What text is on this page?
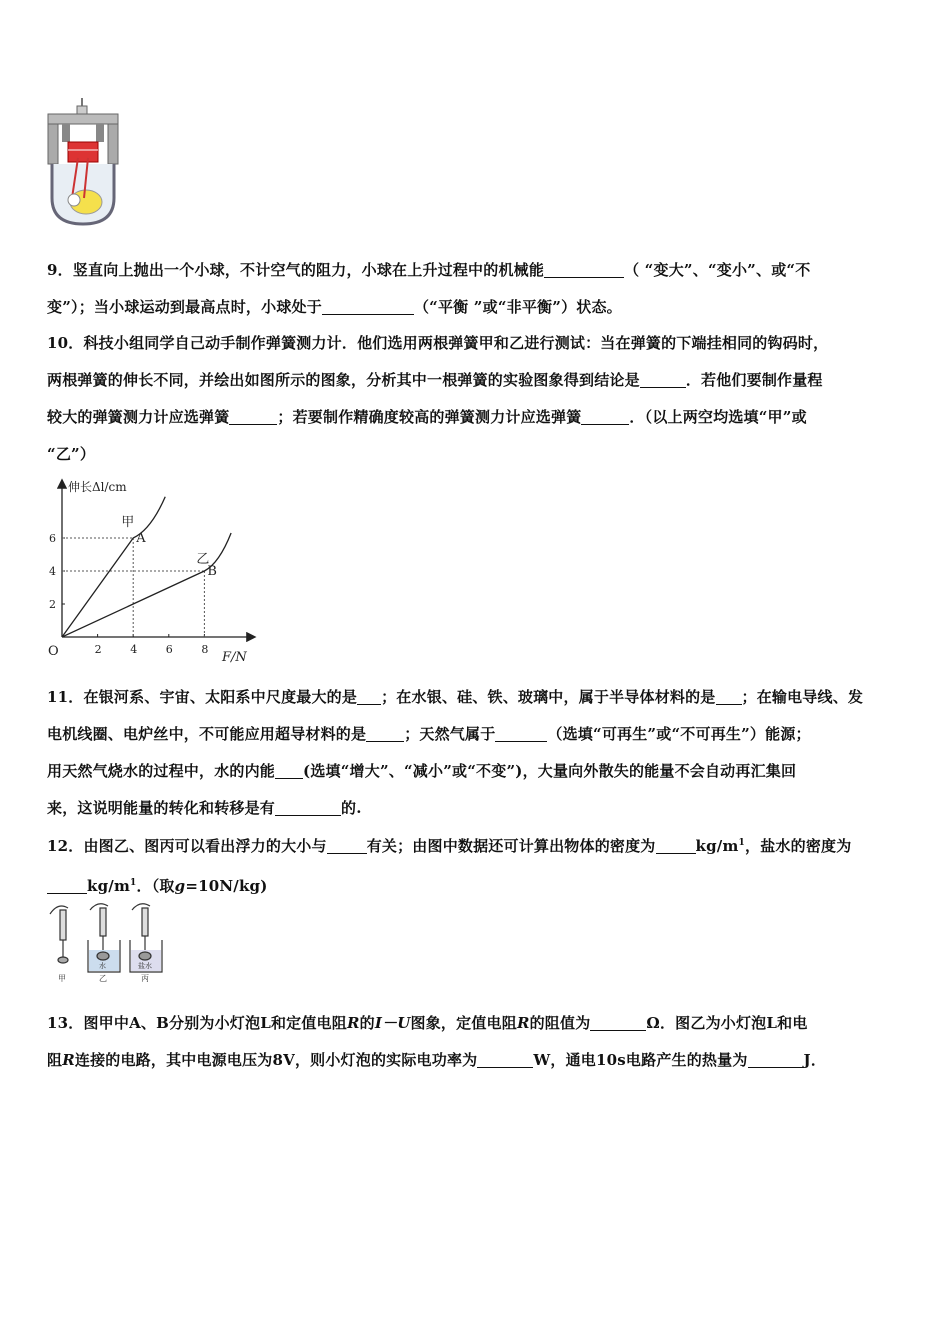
9．竖直向上抛出一个小球，不计空气的阻力，小球在上升过程中的机械能	（ “变大”、“变小”、或“不

变”）；当小球运动到最高点时，小球处于	（“平衡 ”或“非平衡”）状态。

10．科技小组同学自己动手制作弹簧测力计．他们选用两根弹簧甲和乙进行测试：当在弹簧的下端挂相同的钩码时，

两根弹簧的伸长不同，并绘出如图所示的图象，分析其中一根弹簧的实验图象得到结论是	．若他们要制作量程

较大的弹簧测力计应选弹簧	；若要制作精确度较高的弹簧测力计应选弹簧	．（以上两空均选填“甲”或

“乙”）

伸长Δl/cm
F/N
O	2	4	6	8
2
4
6	A
甲
B
乙

11．在银河系、宇宙、太阳系中尺度最大的是 ；在水银、硅、铁、玻璃中，属于半导体材料的是 ；在输电导线、发

电机线圈、电炉丝中，不可能应用超导材料的是	；天然气属于	（选填“可再生”或“不可再生”）能源；

用天然气烧水的过程中，水的内能 (选填“增大”、“减小”或“不变”)，大量向外散失的能量不会自动再汇集回

来，这说明能量的转化和转移是有	的.

12．由图乙、图丙可以看出浮力的大小与	有关；由图中数据还可计算出物体的密度为	$kg/m^1$，盐水的密度为

$kg/m^1$．（取g=10N/kg)

甲	乙	丙
水	盐水

13．图甲中A、B分别为小灯泡L和定值电阻R的I－U图象，定值电阻R的阻值为	Ω．图乙为小灯泡L和电

阻R连接的电路，其中电源电压为8V，则小灯泡的实际电功率为	W，通电10s电路产生的热量为	J．
